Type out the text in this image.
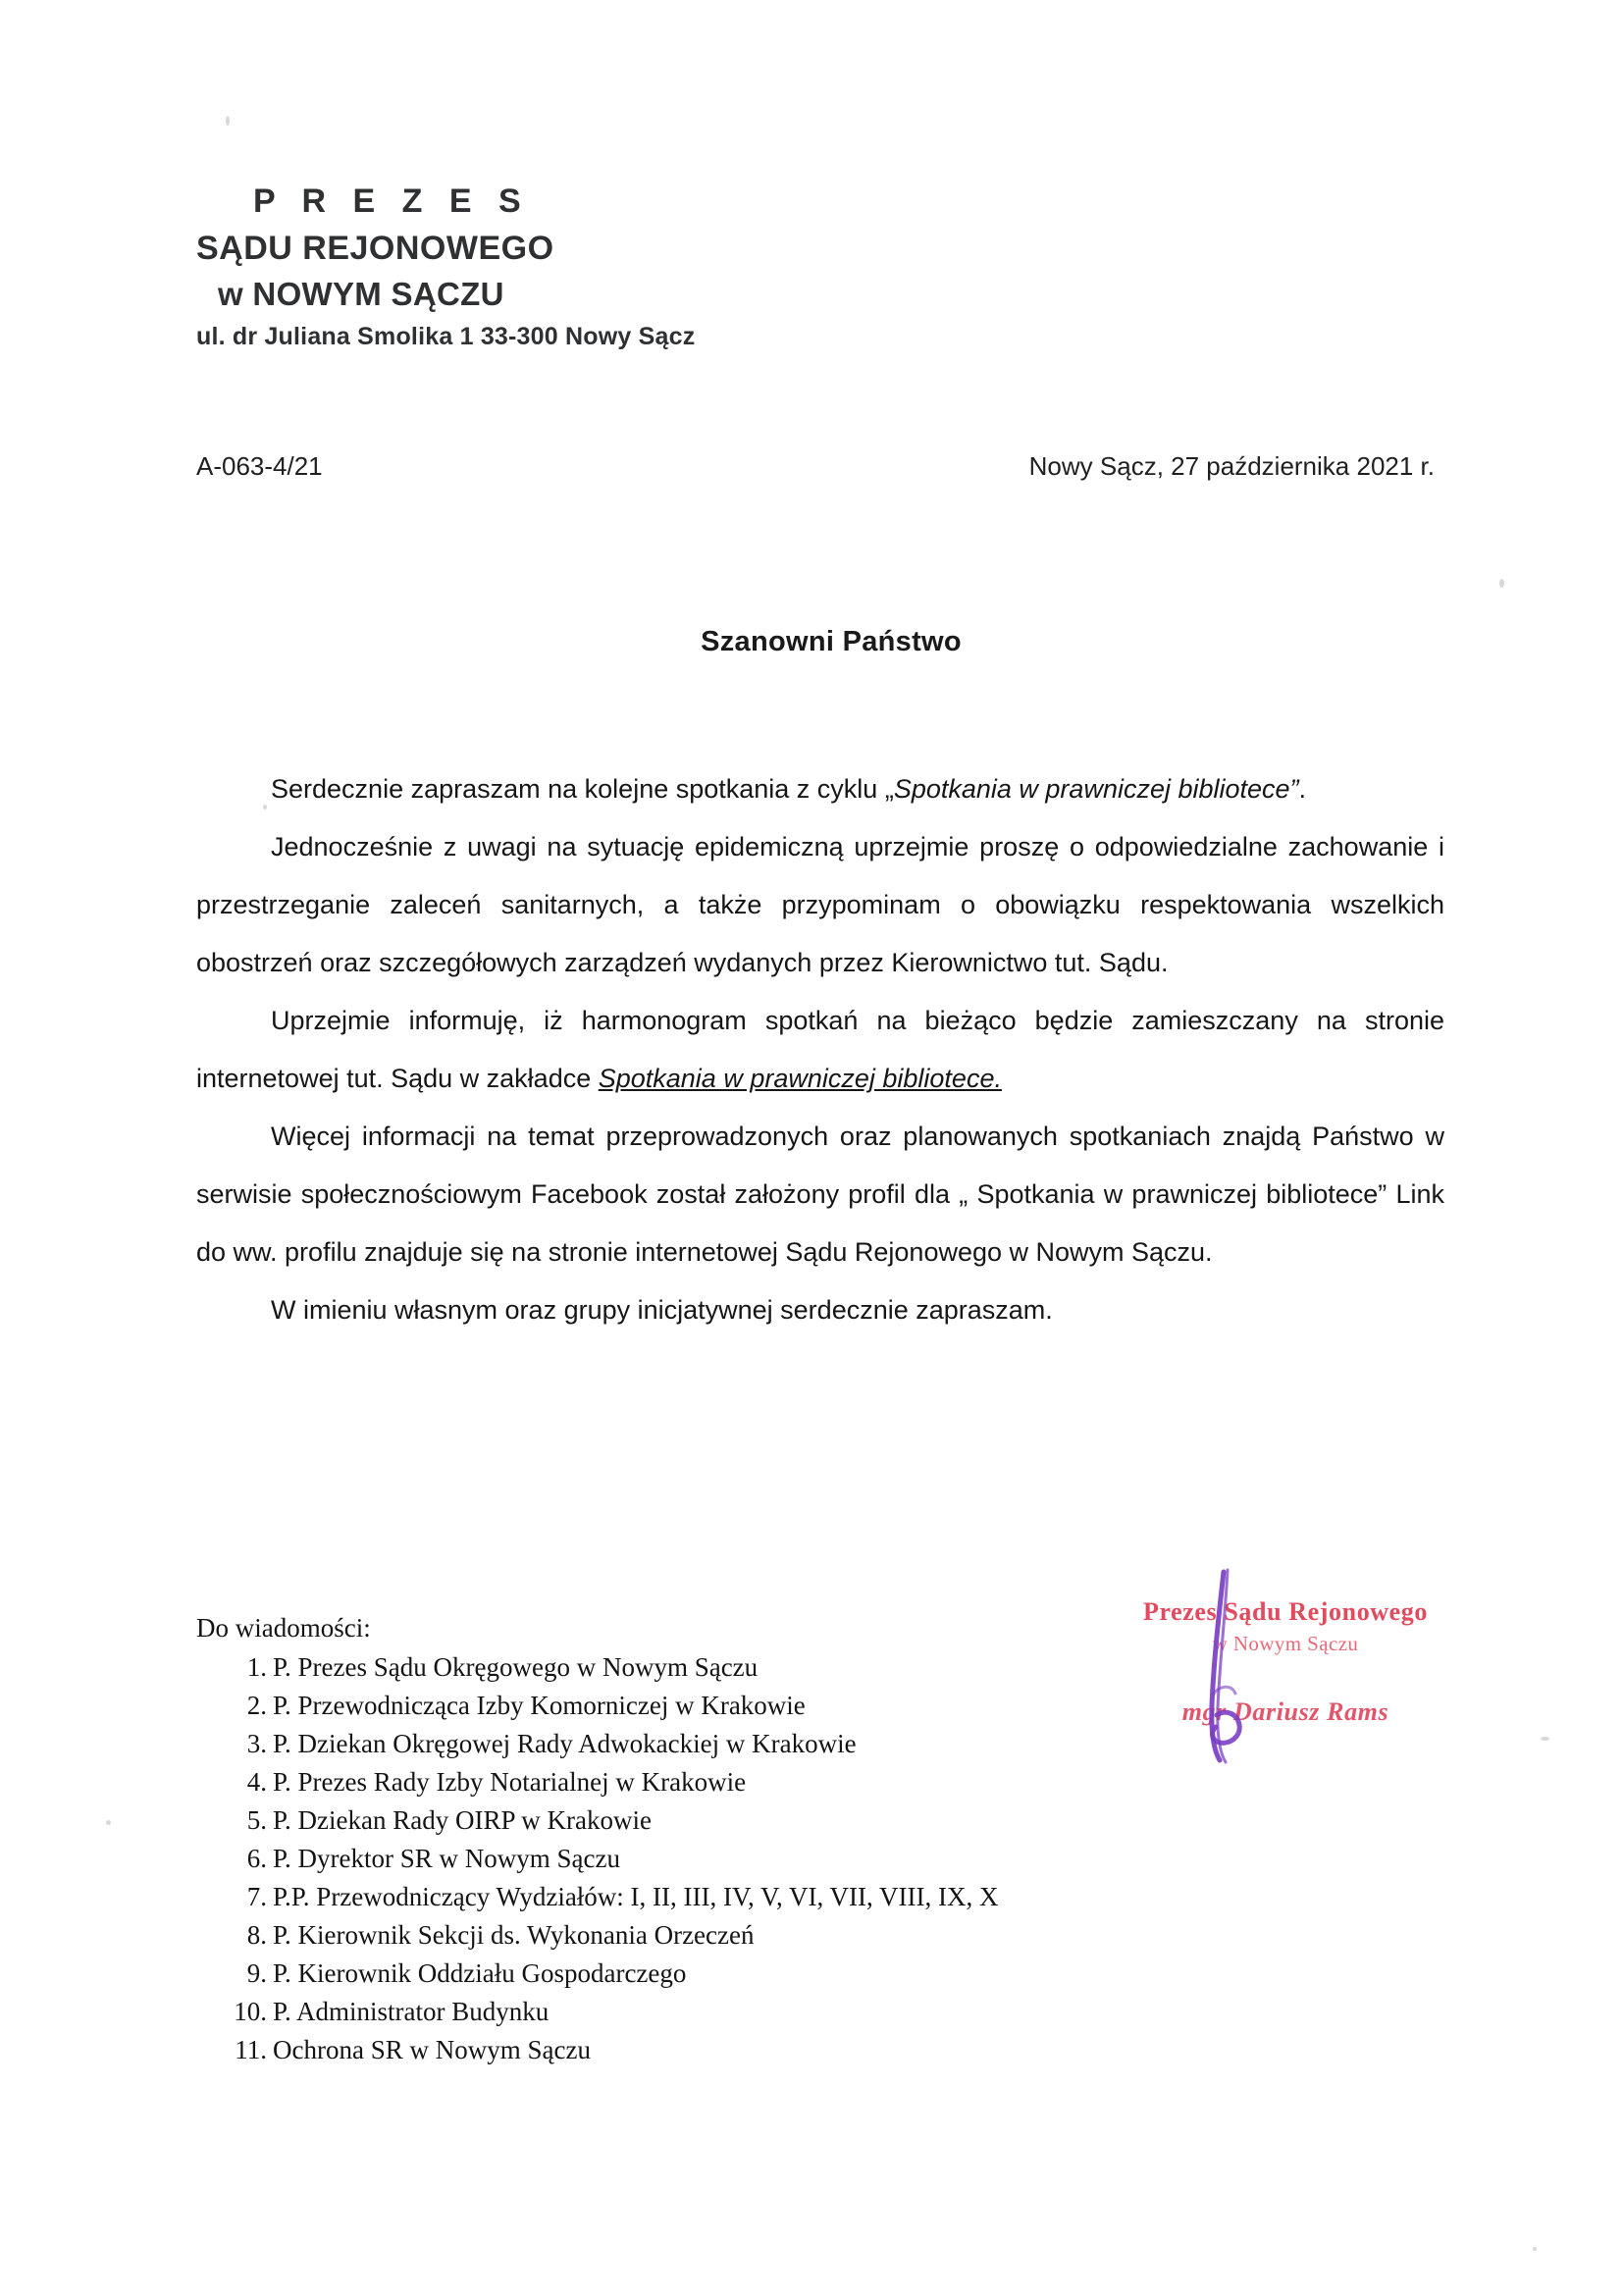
P R E Z E S
SĄDU REJONOWEGO
w NOWYM SĄCZU
ul. dr Juliana Smolika 1 33-300 Nowy Sącz
A-063-4/21	Nowy Sącz, 27 października 2021 r.
Szanowni Państwo

Serdecznie zapraszam na kolejne spotkania z cyklu „Spotkania w prawniczej bibliotece”.

Jednocześnie z uwagi na sytuację epidemiczną uprzejmie proszę o odpowiedzialne zachowanie i przestrzeganie zaleceń sanitarnych, a także przypominam o obowiązku respektowania wszelkich obostrzeń oraz szczegółowych zarządzeń wydanych przez Kierownictwo tut. Sądu.

Uprzejmie informuję, iż harmonogram spotkań na bieżąco będzie zamieszczany na stronie internetowej tut. Sądu w zakładce Spotkania w prawniczej bibliotece.

Więcej informacji na temat przeprowadzonych oraz planowanych spotkaniach znajdą Państwo w serwisie społecznościowym Facebook został założony profil dla „ Spotkania w prawniczej bibliotece” Link do ww. profilu znajduje się na stronie internetowej Sądu Rejonowego w Nowym Sączu.

W imieniu własnym oraz grupy inicjatywnej serdecznie zapraszam.

Do wiadomości:
P. Prezes Sądu Okręgowego w Nowym Sączu
P. Przewodnicząca Izby Komorniczej w Krakowie
P. Dziekan Okręgowej Rady Adwokackiej w Krakowie
P. Prezes Rady Izby Notarialnej w Krakowie
P. Dziekan Rady OIRP w Krakowie
P. Dyrektor SR w Nowym Sączu
P.P. Przewodniczący Wydziałów: I, II, III, IV, V, VI, VII, VIII, IX, X
P. Kierownik Sekcji ds. Wykonania Orzeczeń
P. Kierownik Oddziału Gospodarczego
P. Administrator Budynku
Ochrona SR w Nowym Sączu
Prezes Sądu Rejonowego
w Nowym Sączu
mgr Dariusz Rams
